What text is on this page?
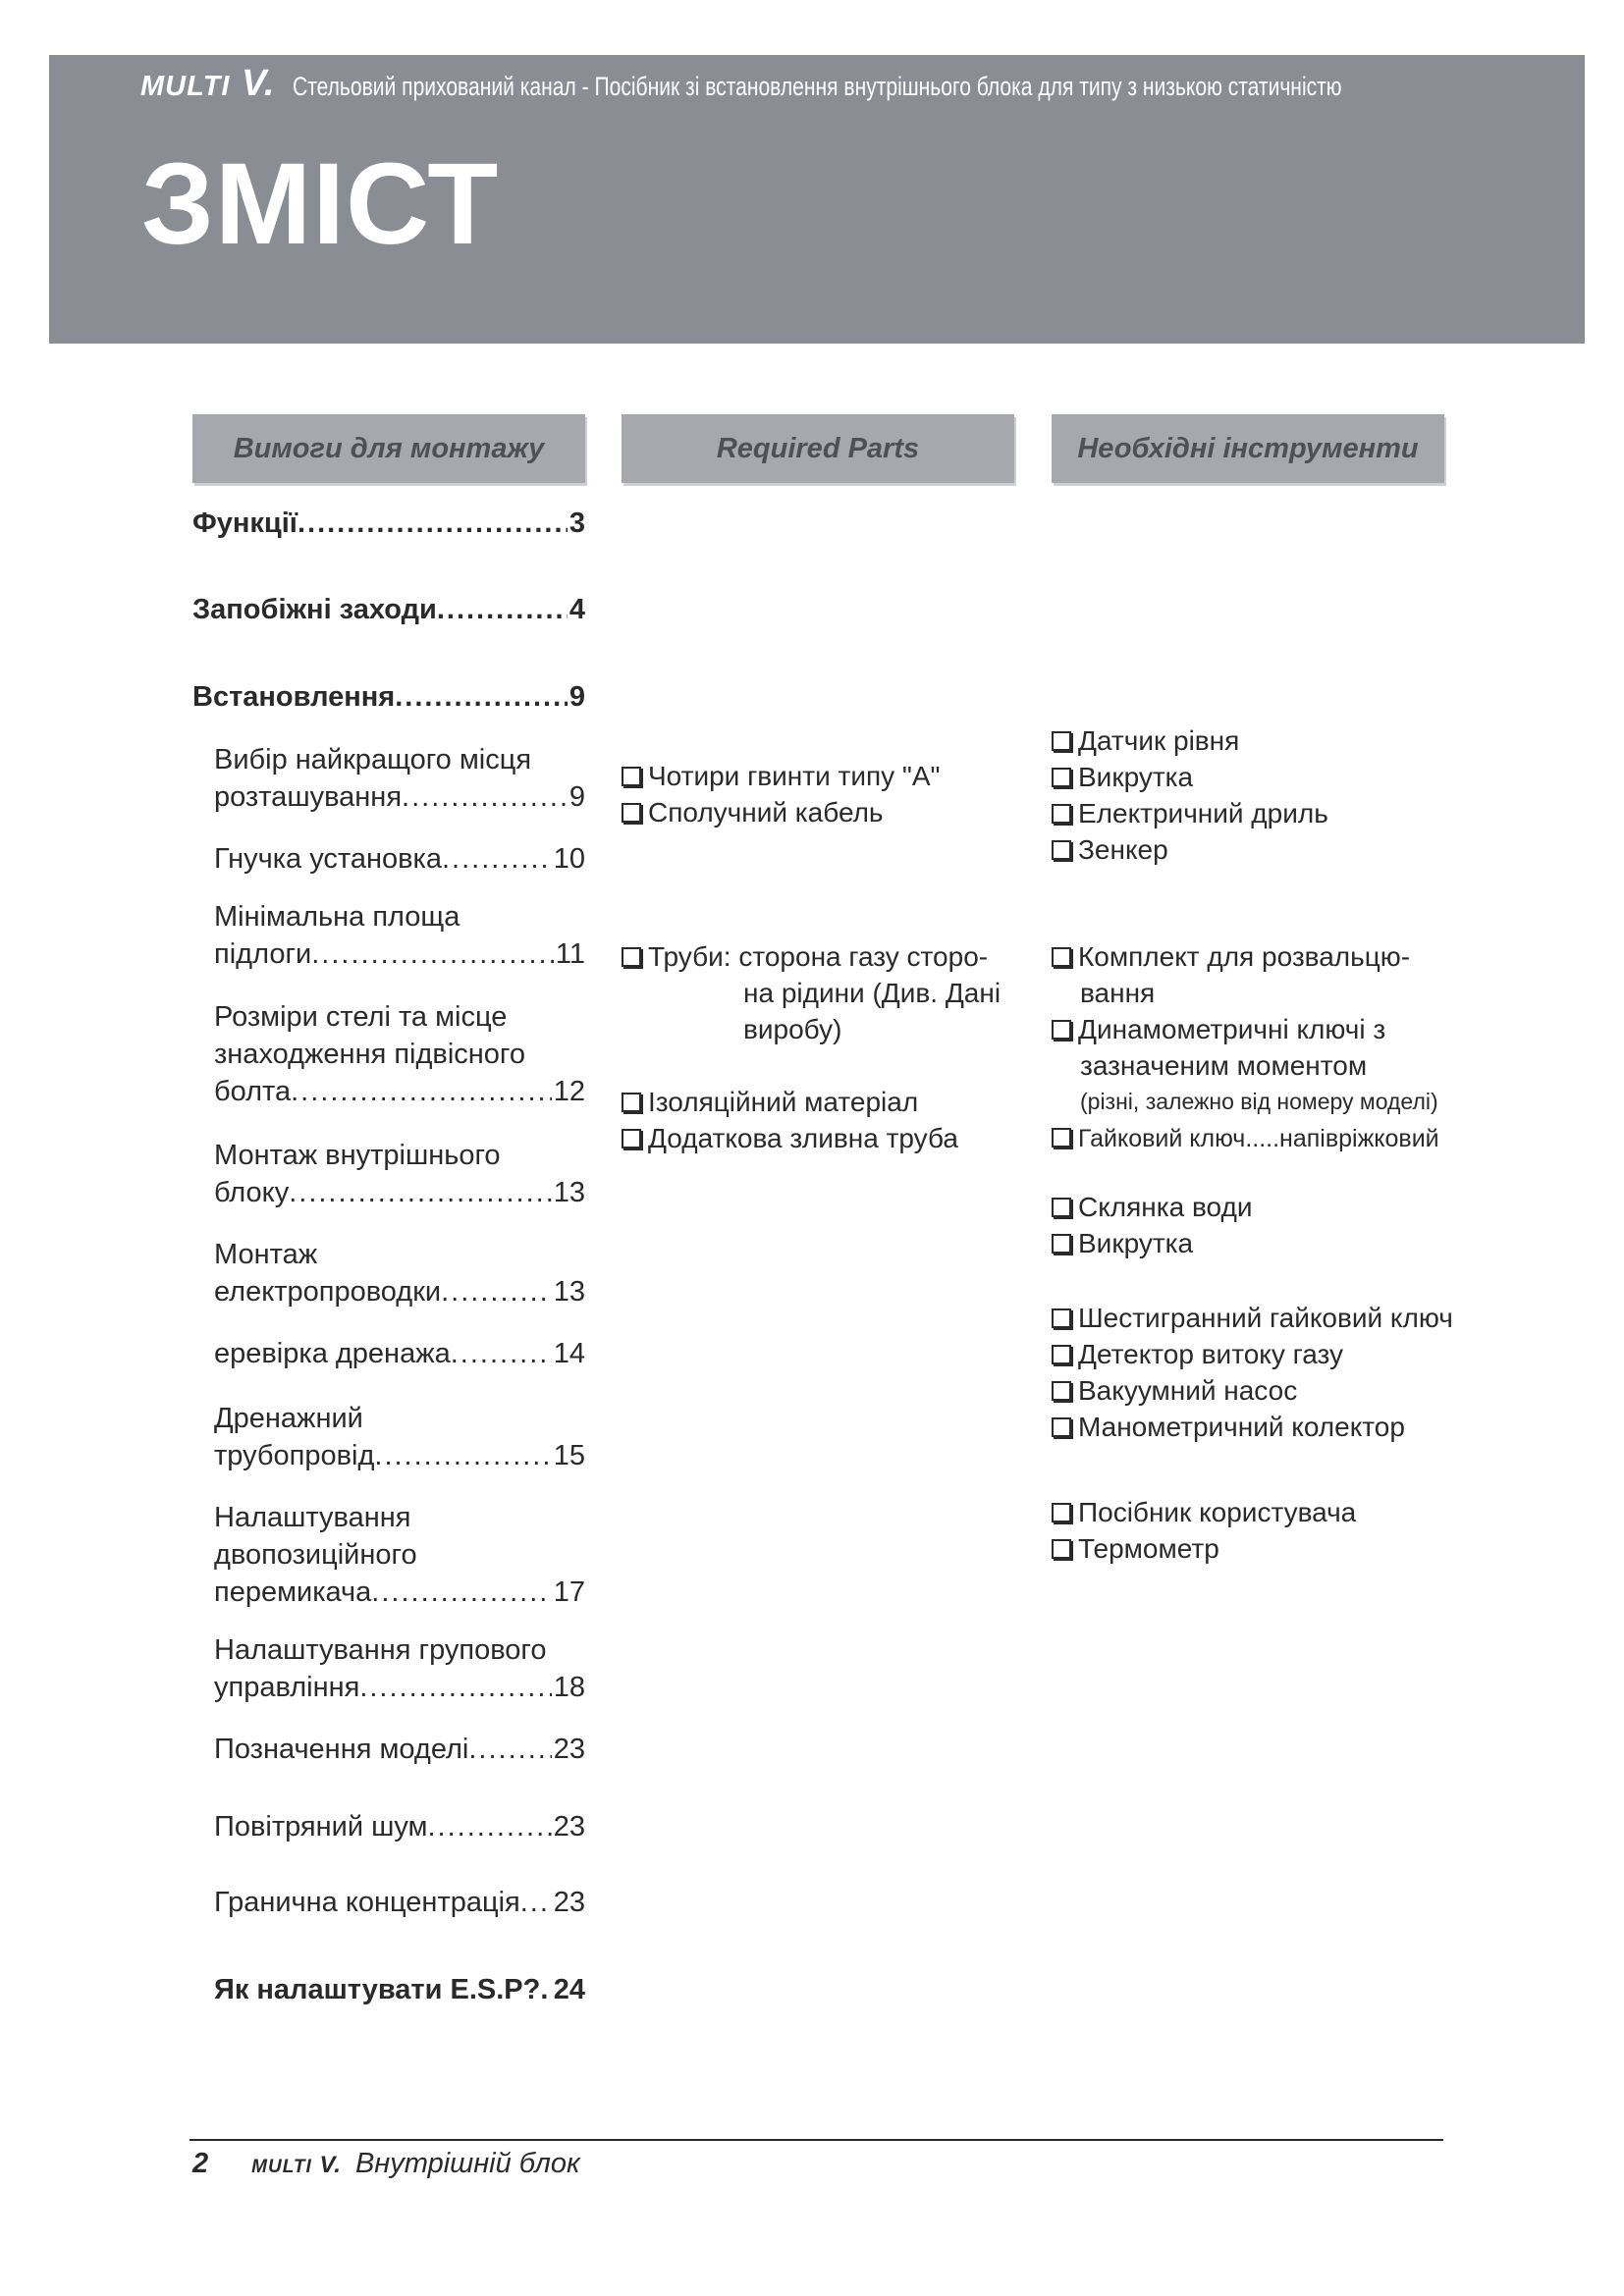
MULTI V. Стельовий прихований канал - Посібник зі встановлення внутрішнього блока для типу з низькою статичністю
ЗМІСТ
Вимоги для монтажу	Required Parts	Необхідні інструменти
Функції .....	3
Запобіжні заходи .....	4
Встановлення .....	9
Вибір найкращого місця
розташування .....	9
Гнучка установка .....	10
Мінімальна площа
підлоги .....	11
Розміри стелі та місце
знаходження підвісного
болта .....	12
Монтаж внутрішнього
блоку .....	13
Монтаж
електропроводки .....	13
еревірка дренажа .....	14
Дренажний
трубопровід .....	15
Налаштування
двопозиційного
перемикача .....	17
Налаштування групового
управління .....	18
Позначення моделі .....	23
Повітряний шум .....	23
Гранична концентрація ..... 23
Як налаштувати E.S.P? ..... 24
Чотири гвинти типу "A"
Сполучний кабель
Труби: сторона газу сторо-
на рідини (Див. Дані
виробу)
Ізоляційний матеріал
Додаткова зливна труба
Датчик рівня
Викрутка
Електричний дриль
Зенкер
Комплект для розвальцю-
вання
Динамометричні ключі з
зазначеним моментом
(різні, залежно від номеру моделі)
Гайковий ключ.....напівріжковий
Склянка води
Викрутка
Шестигранний гайковий ключ
Детектор витоку газу
Вакуумний насос
Манометричний колектор
Посібник користувача
Термометр
2 MULTI V. Внутрішній блок
